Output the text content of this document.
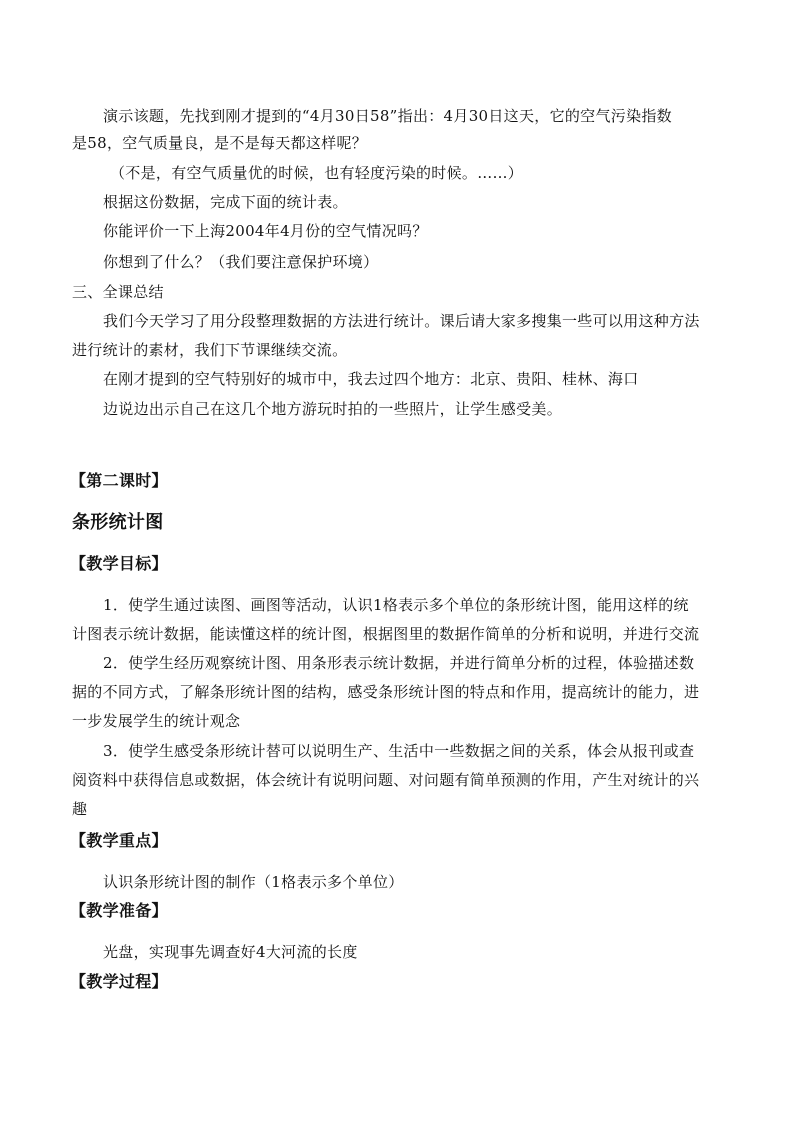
演示该题，先找到刚才提到的“4月30日58”指出：4月30日这天，它的空气污染指数
是58，空气质量良，是不是每天都这样呢？
（不是，有空气质量优的时候，也有轻度污染的时候。……）
根据这份数据，完成下面的统计表。
你能评价一下上海2004年4月份的空气情况吗？
你想到了什么？（我们要注意保护环境）
三、全课总结
我们今天学习了用分段整理数据的方法进行统计。课后请大家多搜集一些可以用这种方法
进行统计的素材，我们下节课继续交流。
在刚才提到的空气特别好的城市中，我去过四个地方：北京、贵阳、桂林、海口
边说边出示自己在这几个地方游玩时拍的一些照片，让学生感受美。
【第二课时】
条形统计图
【教学目标】
1．使学生通过读图、画图等活动，认识1格表示多个单位的条形统计图，能用这样的统
计图表示统计数据，能读懂这样的统计图，根据图里的数据作简单的分析和说明，并进行交流
2．使学生经历观察统计图、用条形表示统计数据，并进行简单分析的过程，体验描述数
据的不同方式，了解条形统计图的结构，感受条形统计图的特点和作用，提高统计的能力，进
一步发展学生的统计观念
3．使学生感受条形统计替可以说明生产、生活中一些数据之间的关系，体会从报刊或查
阅资料中获得信息或数据，体会统计有说明问题、对问题有简单预测的作用，产生对统计的兴
趣
【教学重点】
认识条形统计图的制作（1格表示多个单位）
【教学准备】
光盘，实现事先调查好4大河流的长度
【教学过程】
